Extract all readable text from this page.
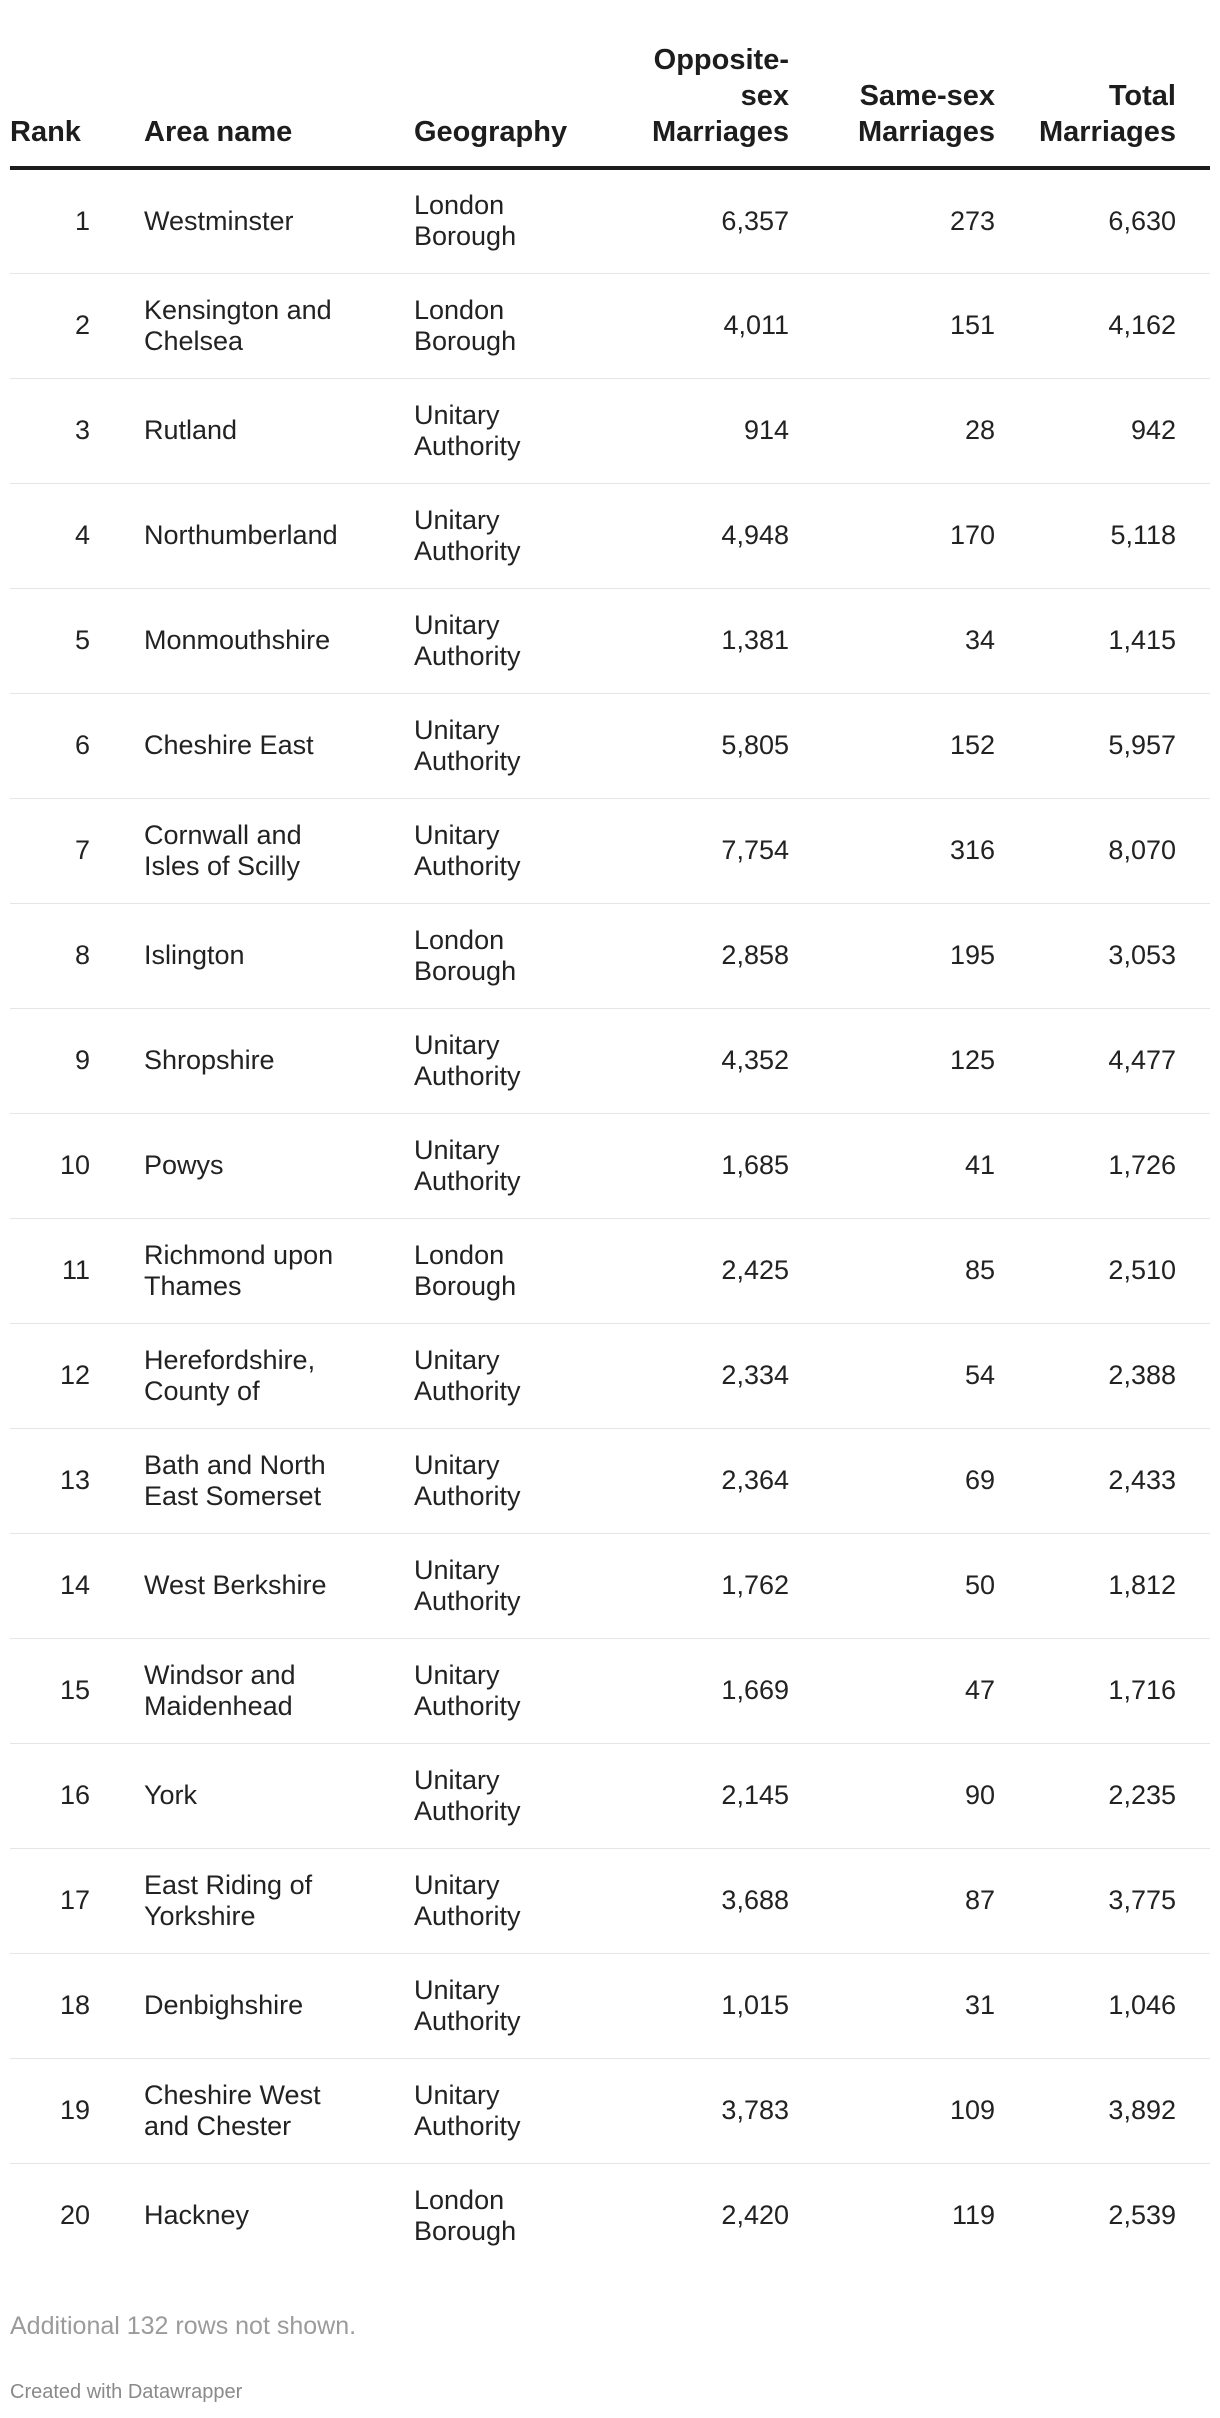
Rank	Area name	Geography	Opposite-
sex
Marriages	Same-sex
Marriages	Total
Marriages
1	Westminster	London
Borough	6,357	273	6,630
2	Kensington and
Chelsea	London
Borough	4,011	151	4,162
3	Rutland	Unitary
Authority	914	28	942
4	Northumberland	Unitary
Authority	4,948	170	5,118
5	Monmouthshire	Unitary
Authority	1,381	34	1,415
6	Cheshire East	Unitary
Authority	5,805	152	5,957
7	Cornwall and
Isles of Scilly	Unitary
Authority	7,754	316	8,070
8	Islington	London
Borough	2,858	195	3,053
9	Shropshire	Unitary
Authority	4,352	125	4,477
10	Powys	Unitary
Authority	1,685	41	1,726
11	Richmond upon
Thames	London
Borough	2,425	85	2,510
12	Herefordshire,
County of	Unitary
Authority	2,334	54	2,388
13	Bath and North
East Somerset	Unitary
Authority	2,364	69	2,433
14	West Berkshire	Unitary
Authority	1,762	50	1,812
15	Windsor and
Maidenhead	Unitary
Authority	1,669	47	1,716
16	York	Unitary
Authority	2,145	90	2,235
17	East Riding of
Yorkshire	Unitary
Authority	3,688	87	3,775
18	Denbighshire	Unitary
Authority	1,015	31	1,046
19	Cheshire West
and Chester	Unitary
Authority	3,783	109	3,892
20	Hackney	London
Borough	2,420	119	2,539
Additional 132 rows not shown.
Created with Datawrapper
